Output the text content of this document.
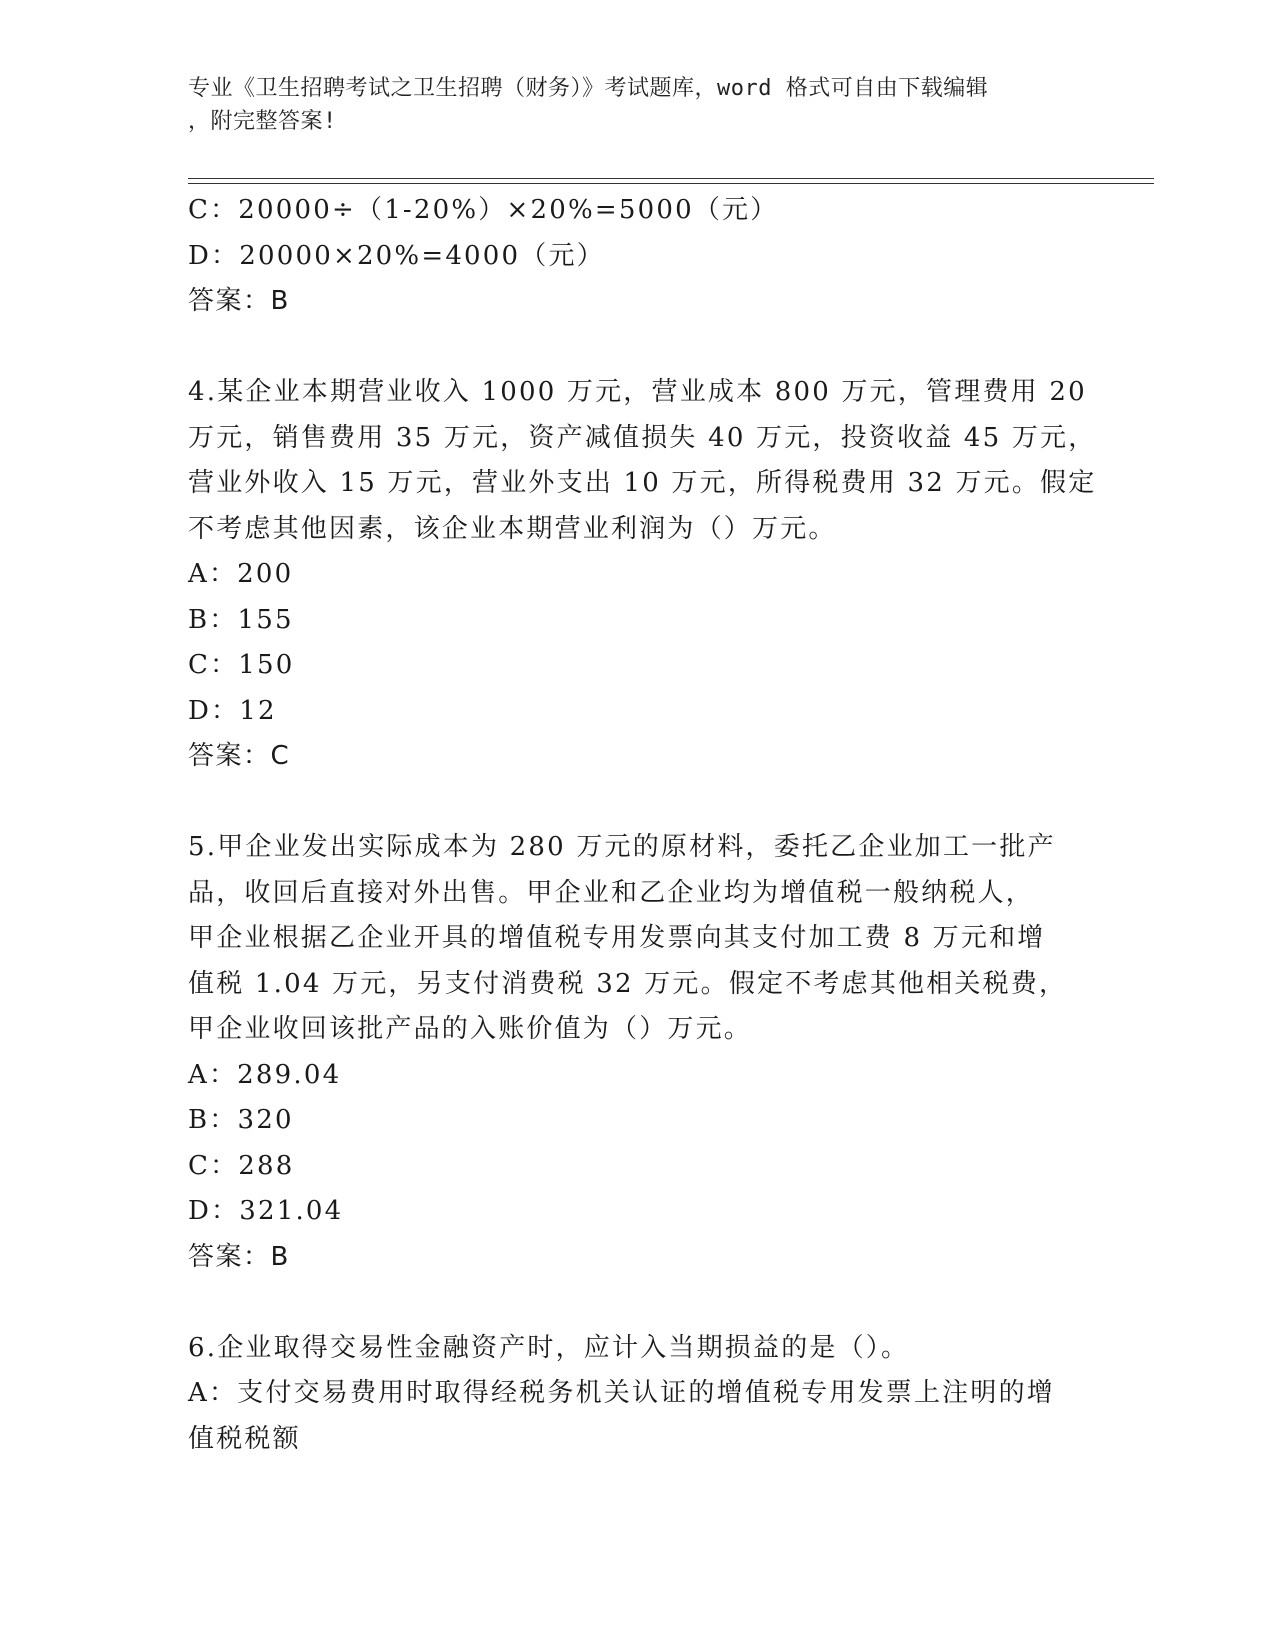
专业《卫生招聘考试之卫生招聘（财务）》考试题库，word 格式可自由下载编辑
，附完整答案!
C：20000÷（1-20%）×20%=5000（元）
D：20000×20%=4000（元）
答案：B
4.某企业本期营业收入 1000 万元，营业成本 800 万元，管理费用 20
万元，销售费用 35 万元，资产减值损失 40 万元，投资收益 45 万元，
营业外收入 15 万元，营业外支出 10 万元，所得税费用 32 万元。假定
不考虑其他因素，该企业本期营业利润为（）万元。
A：200
B：155
C：150
D：12
答案：C
5.甲企业发出实际成本为 280 万元的原材料，委托乙企业加工一批产
品，收回后直接对外出售。甲企业和乙企业均为增值税一般纳税人，
甲企业根据乙企业开具的增值税专用发票向其支付加工费 8 万元和增
值税 1.04 万元，另支付消费税 32 万元。假定不考虑其他相关税费，
甲企业收回该批产品的入账价值为（）万元。
A：289.04
B：320
C：288
D：321.04
答案：B
6.企业取得交易性金融资产时，应计入当期损益的是（）。
A：支付交易费用时取得经税务机关认证的增值税专用发票上注明的增
值税税额
